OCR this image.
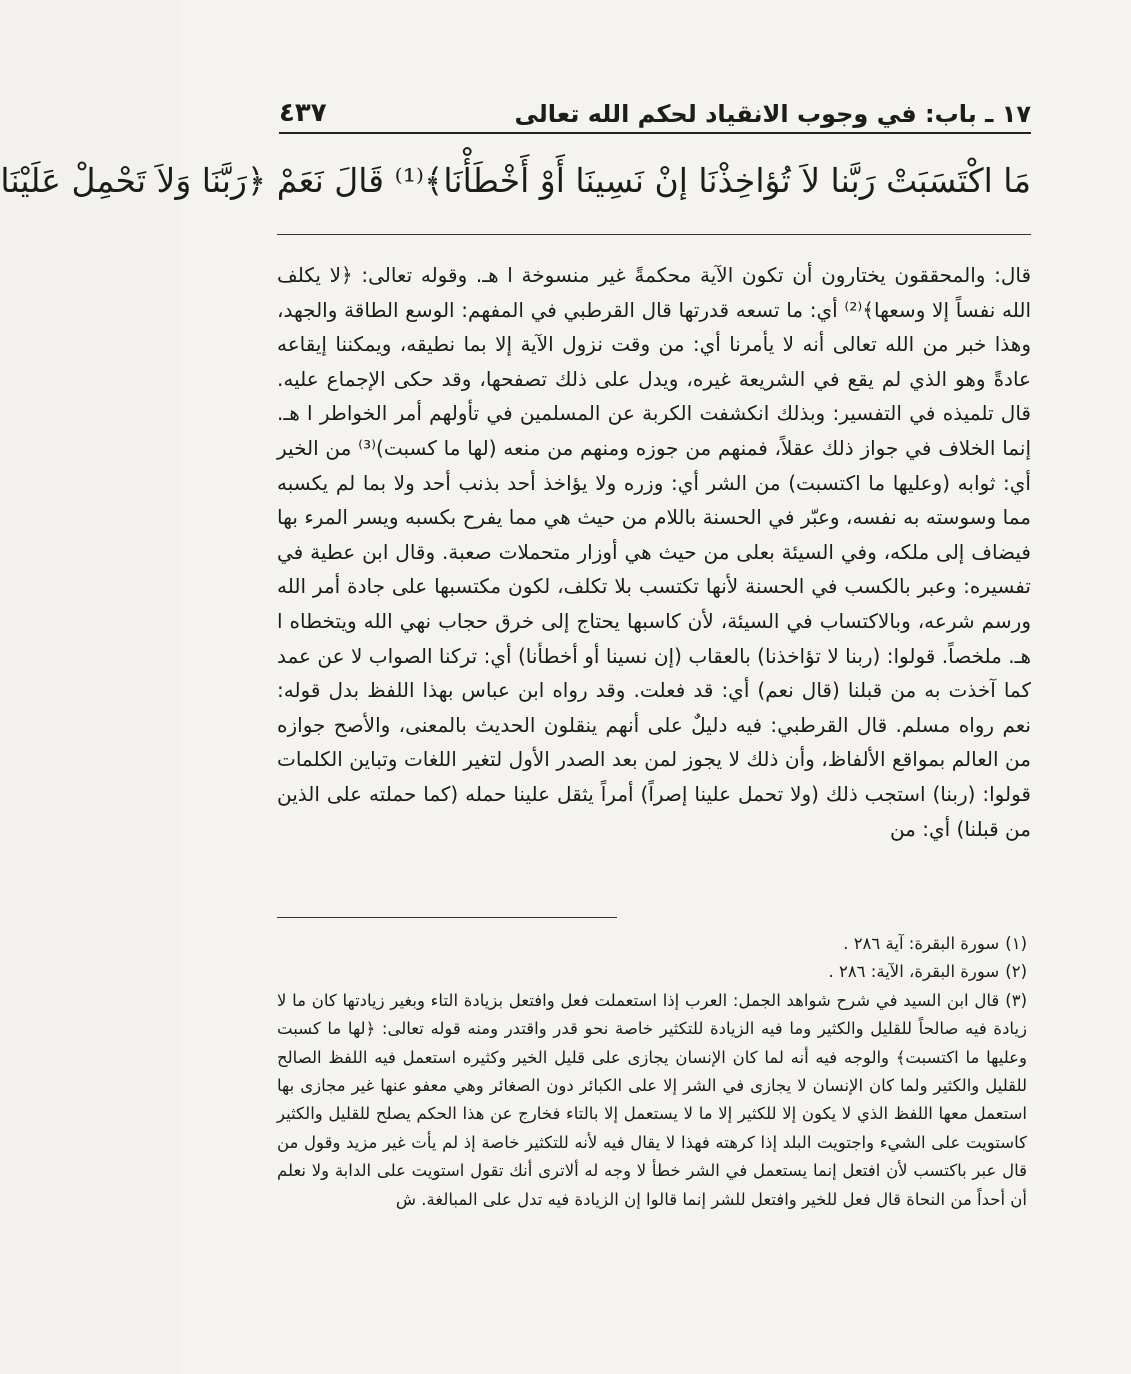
١٧ ـ باب: في وجوب الانقياد لحكم الله تعالى
٤٣٧
مَا اكْتَسَبَتْ رَبَّنا لاَ تُؤاخِذْنَا إنْ نَسِينَا أَوْ أَخْطَأْنَا﴾⁽¹⁾ قَالَ نَعَمْ ﴿رَبَّنَا وَلاَ تَحْمِلْ عَلَيْنَا

قال: والمحققون يختارون أن تكون الآية محكمةً غير منسوخة ا هـ. وقوله تعالى: ﴿لا يكلف الله نفساً إلا وسعها﴾⁽²⁾ أي: ما تسعه قدرتها قال القرطبي في المفهم: الوسع الطاقة والجهد، وهذا خبر من الله تعالى أنه لا يأمرنا أي: من وقت نزول الآية إلا بما نطيقه، ويمكننا إيقاعه عادةً وهو الذي لم يقع في الشريعة غيره، ويدل على ذلك تصفحها، وقد حكى الإجماع عليه. قال تلميذه في التفسير: وبذلك انكشفت الكربة عن المسلمين في تأولهم أمر الخواطر ا هـ. إنما الخلاف في جواز ذلك عقلاً، فمنهم من جوزه ومنهم من منعه (لها ما كسبت)⁽³⁾ من الخير أي: ثوابه (وعليها ما اكتسبت) من الشر أي: وزره ولا يؤاخذ أحد بذنب أحد ولا بما لم يكسبه مما وسوسته به نفسه، وعبّر في الحسنة باللام من حيث هي مما يفرح بكسبه ويسر المرء بها فيضاف إلى ملكه، وفي السيئة بعلى من حيث هي أوزار متحملات صعبة. وقال ابن عطية في تفسيره: وعبر بالكسب في الحسنة لأنها تكتسب بلا تكلف، لكون مكتسبها على جادة أمر الله ورسم شرعه، وبالاكتساب في السيئة، لأن كاسبها يحتاج إلى خرق حجاب نهي الله ويتخطاه ا هـ. ملخصاً. قولوا: (ربنا لا تؤاخذنا) بالعقاب (إن نسينا أو أخطأنا) أي: تركنا الصواب لا عن عمد كما آخذت به من قبلنا (قال نعم) أي: قد فعلت. وقد رواه ابن عباس بهذا اللفظ بدل قوله: نعم رواه مسلم. قال القرطبي: فيه دليلٌ على أنهم ينقلون الحديث بالمعنى، والأصح جوازه من العالم بمواقع الألفاظ، وأن ذلك لا يجوز لمن بعد الصدر الأول لتغير اللغات وتباين الكلمات قولوا: (ربنا) استجب ذلك (ولا تحمل علينا إصراً) أمراً يثقل علينا حمله (كما حملته على الذين من قبلنا) أي: من

(١)سورة البقرة: آية ٢٨٦ .

(٢)سورة البقرة، الآية: ٢٨٦ .

(٣)قال ابن السيد في شرح شواهد الجمل: العرب إذا استعملت فعل وافتعل بزيادة التاء وبغير زيادتها كان ما لا زيادة فيه صالحاً للقليل والكثير وما فيه الزيادة للتكثير خاصة نحو قدر واقتدر ومنه قوله تعالى: ﴿لها ما كسبت وعليها ما اكتسبت﴾ والوجه فيه أنه لما كان الإنسان يجازى على قليل الخير وكثيره استعمل فيه اللفظ الصالح للقليل والكثير ولما كان الإنسان لا يجازى في الشر إلا على الكبائر دون الصغائر وهي معفو عنها غير مجازى بها استعمل معها اللفظ الذي لا يكون إلا للكثير إلا ما لا يستعمل إلا بالتاء فخارج عن هذا الحكم يصلح للقليل والكثير كاستويت على الشيء واجتويت البلد إذا كرهته فهذا لا يقال فيه لأنه للتكثير خاصة إذ لم يأت غير مزيد وقول من قال عبر باكتسب لأن افتعل إنما يستعمل في الشر خطأ لا وجه له ألاترى أنك تقول استويت على الدابة ولا نعلم أن أحداً من النحاة قال فعل للخير وافتعل للشر إنما قالوا إن الزيادة فيه تدل على المبالغة. ش
